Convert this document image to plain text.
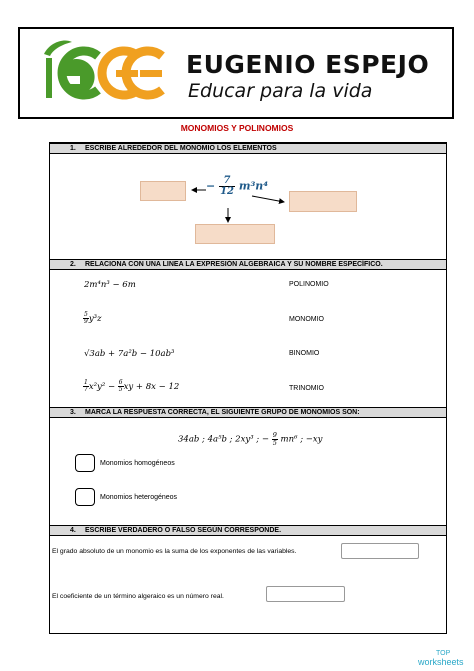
EUGENIO ESPEJO
Educar para la vida
MONOMIOS Y POLINOMIOS
1. ESCRIBE ALREDEDOR DEL MONOMIO LOS ELEMENTOS
− $\frac{7}{12} m^3n^4$
2. RELACIONA CON UNA LINEA LA EXPRESIÓN ALGEBRAICA Y SU NOMBRE ESPECÍFICO.
2m⁴n³ − 6m	POLINOMIO
$\frac{5}{9} y^3z$	MONOMIO
√3ab + 7a²b − 10ab³	BINOMIO
$\frac{1}{7} x^2y^2 - \frac{6}{5}$ xy + 8x − 12	TRINOMIO
3. MARCA LA RESPUESTA CORRECTA, EL SIGUIENTE GRUPO DE MONOMIOS SON:
34ab ; 4a⁵b ; 2xy³ ; − $\frac{9}{5} mn^6$ ; −xy
Monomios homogéneos
Monomios heterogéneos
4. ESCRIBE VERDADERO O FALSO SEGÚN CORRESPONDE.
El grado absoluto de un monomio es la suma de los exponentes de las variables.
El coeficiente de un término algeraico es un número real.
TOP
worksheets
